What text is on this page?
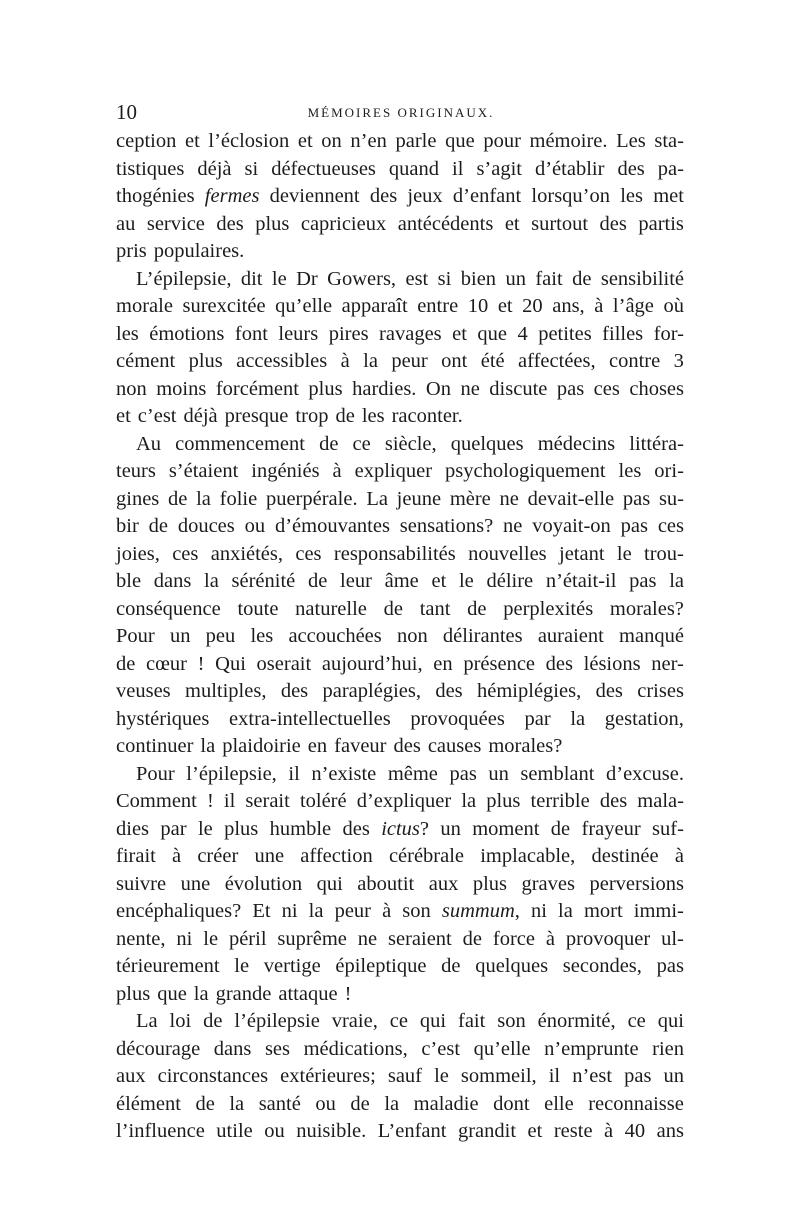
10	MÉMOIRES ORIGINAUX.
ception et l’éclosion et on n’en parle que pour mémoire. Les sta-
tistiques déjà si défectueuses quand il s’agit d’établir des pa-
thogénies fermes deviennent des jeux d’enfant lorsqu’on les met
au service des plus capricieux antécédents et surtout des partis
pris populaires.
L’épilepsie, dit le Dr Gowers, est si bien un fait de sensibilité
morale surexcitée qu’elle apparaît entre 10 et 20 ans, à l’âge où
les émotions font leurs pires ravages et que 4 petites filles for-
cément plus accessibles à la peur ont été affectées, contre 3
non moins forcément plus hardies. On ne discute pas ces choses
et c’est déjà presque trop de les raconter.
Au commencement de ce siècle, quelques médecins littéra-
teurs s’étaient ingéniés à expliquer psychologiquement les ori-
gines de la folie puerpérale. La jeune mère ne devait-elle pas su-
bir de douces ou d’émouvantes sensations? ne voyait-on pas ces
joies, ces anxiétés, ces responsabilités nouvelles jetant le trou-
ble dans la sérénité de leur âme et le délire n’était-il pas la
conséquence toute naturelle de tant de perplexités morales?
Pour un peu les accouchées non délirantes auraient manqué
de cœur ! Qui oserait aujourd’hui, en présence des lésions ner-
veuses multiples, des paraplégies, des hémiplégies, des crises
hystériques extra-intellectuelles provoquées par la gestation,
continuer la plaidoirie en faveur des causes morales?
Pour l’épilepsie, il n’existe même pas un semblant d’excuse.
Comment ! il serait toléré d’expliquer la plus terrible des mala-
dies par le plus humble des ictus? un moment de frayeur suf-
firait à créer une affection cérébrale implacable, destinée à
suivre une évolution qui aboutit aux plus graves perversions
encéphaliques? Et ni la peur à son summum, ni la mort immi-
nente, ni le péril suprême ne seraient de force à provoquer ul-
térieurement le vertige épileptique de quelques secondes, pas
plus que la grande attaque !
La loi de l’épilepsie vraie, ce qui fait son énormité, ce qui
décourage dans ses médications, c’est qu’elle n’emprunte rien
aux circonstances extérieures; sauf le sommeil, il n’est pas un
élément de la santé ou de la maladie dont elle reconnaisse
l’influence utile ou nuisible. L’enfant grandit et reste à 40 ans
